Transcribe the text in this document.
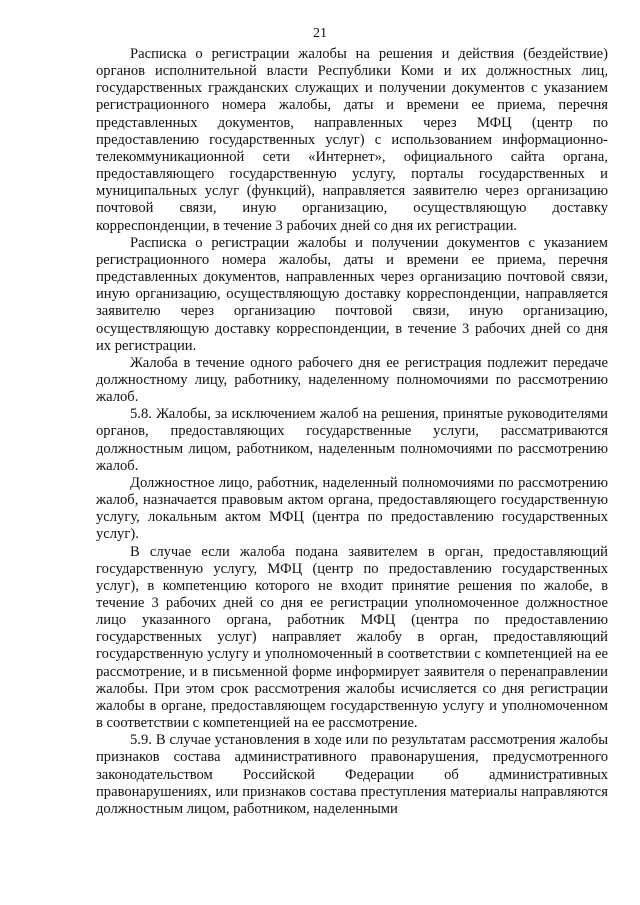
21

Расписка о регистрации жалобы на решения и действия (бездействие) органов исполнительной власти Республики Коми и их должностных лиц, государственных гражданских служащих и получении документов с указанием регистрационного номера жалобы, даты и времени ее приема, перечня представленных документов, направленных через МФЦ (центр по предоставлению государственных услуг) с использованием информационно-телекоммуникационной сети «Интернет», официального сайта органа, предоставляющего государственную услугу, порталы государственных и муниципальных услуг (функций), направляется заявителю через организацию почтовой связи, иную организацию, осуществляющую доставку корреспонденции, в течение 3 рабочих дней со дня их регистрации.

Расписка о регистрации жалобы и получении документов с указанием регистрационного номера жалобы, даты и времени ее приема, перечня представленных документов, направленных через организацию почтовой связи, иную организацию, осуществляющую доставку корреспонденции, направляется заявителю через организацию почтовой связи, иную организацию, осуществляющую доставку корреспонденции, в течение 3 рабочих дней со дня их регистрации.

Жалоба в течение одного рабочего дня ее регистрация подлежит передаче должностному лицу, работнику, наделенному полномочиями по рассмотрению жалоб.

5.8. Жалобы, за исключением жалоб на решения, принятые руководителями органов, предоставляющих государственные услуги, рассматриваются должностным лицом, работником, наделенным полномочиями по рассмотрению жалоб.

Должностное лицо, работник, наделенный полномочиями по рассмотрению жалоб, назначается правовым актом органа, предоставляющего государственную услугу, локальным актом МФЦ (центра по предоставлению государственных услуг).

В случае если жалоба подана заявителем в орган, предоставляющий государственную услугу, МФЦ (центр по предоставлению государственных услуг), в компетенцию которого не входит принятие решения по жалобе, в течение 3 рабочих дней со дня ее регистрации уполномоченное должностное лицо указанного органа, работник МФЦ (центра по предоставлению государственных услуг) направляет жалобу в орган, предоставляющий государственную услугу и уполномоченный в соответствии с компетенцией на ее рассмотрение, и в письменной форме информирует заявителя о перенаправлении жалобы. При этом срок рассмотрения жалобы исчисляется со дня регистрации жалобы в органе, предоставляющем государственную услугу и уполномоченном в соответствии с компетенцией на ее рассмотрение.

5.9. В случае установления в ходе или по результатам рассмотрения жалобы признаков состава административного правонарушения, предусмотренного законодательством Российской Федерации об административных правонарушениях, или признаков состава преступления материалы направляются должностным лицом, работником, наделенными
